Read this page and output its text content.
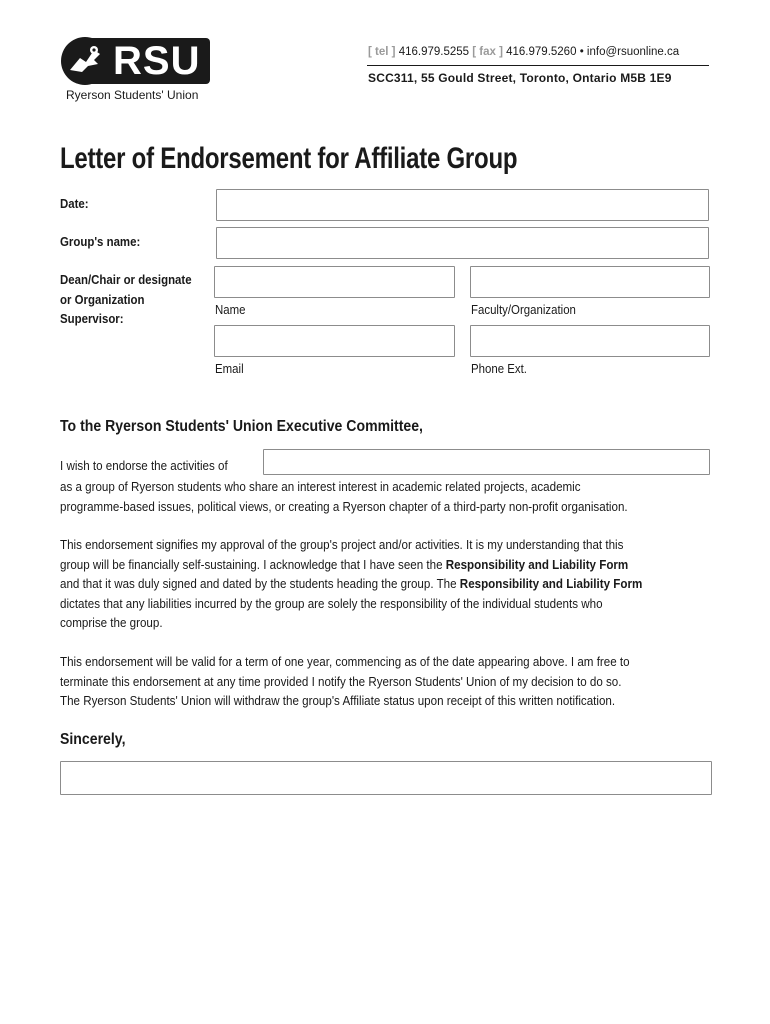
RSU
Ryerson Students' Union
[ tel ] 416.979.5255 [ fax ] 416.979.5260 • info@rsuonline.ca
SCC311, 55 Gould Street, Toronto, Ontario M5B 1E9
Letter of Endorsement for Affiliate Group
Date:
Group's name:
Dean/Chair or designate
or Organization
Supervisor:
Name	Faculty/Organization
Email	Phone Ext.
To the Ryerson Students' Union Executive Committee,
I wish to endorse the activities of
as a group of Ryerson students who share an interest interest in academic related projects, academic
programme-based issues, political views, or creating a Ryerson chapter of a third-party non-profit organisation.
This endorsement signifies my approval of the group's project and/or activities. It is my understanding that this
group will be financially self-sustaining. I acknowledge that I have seen the Responsibility and Liability Form
and that it was duly signed and dated by the students heading the group. The Responsibility and Liability Form
dictates that any liabilities incurred by the group are solely the responsibility of the individual students who
comprise the group.
This endorsement will be valid for a term of one year, commencing as of the date appearing above. I am free to
terminate this endorsement at any time provided I notify the Ryerson Students' Union of my decision to do so.
The Ryerson Students' Union will withdraw the group's Affiliate status upon receipt of this written notification.
Sincerely,
